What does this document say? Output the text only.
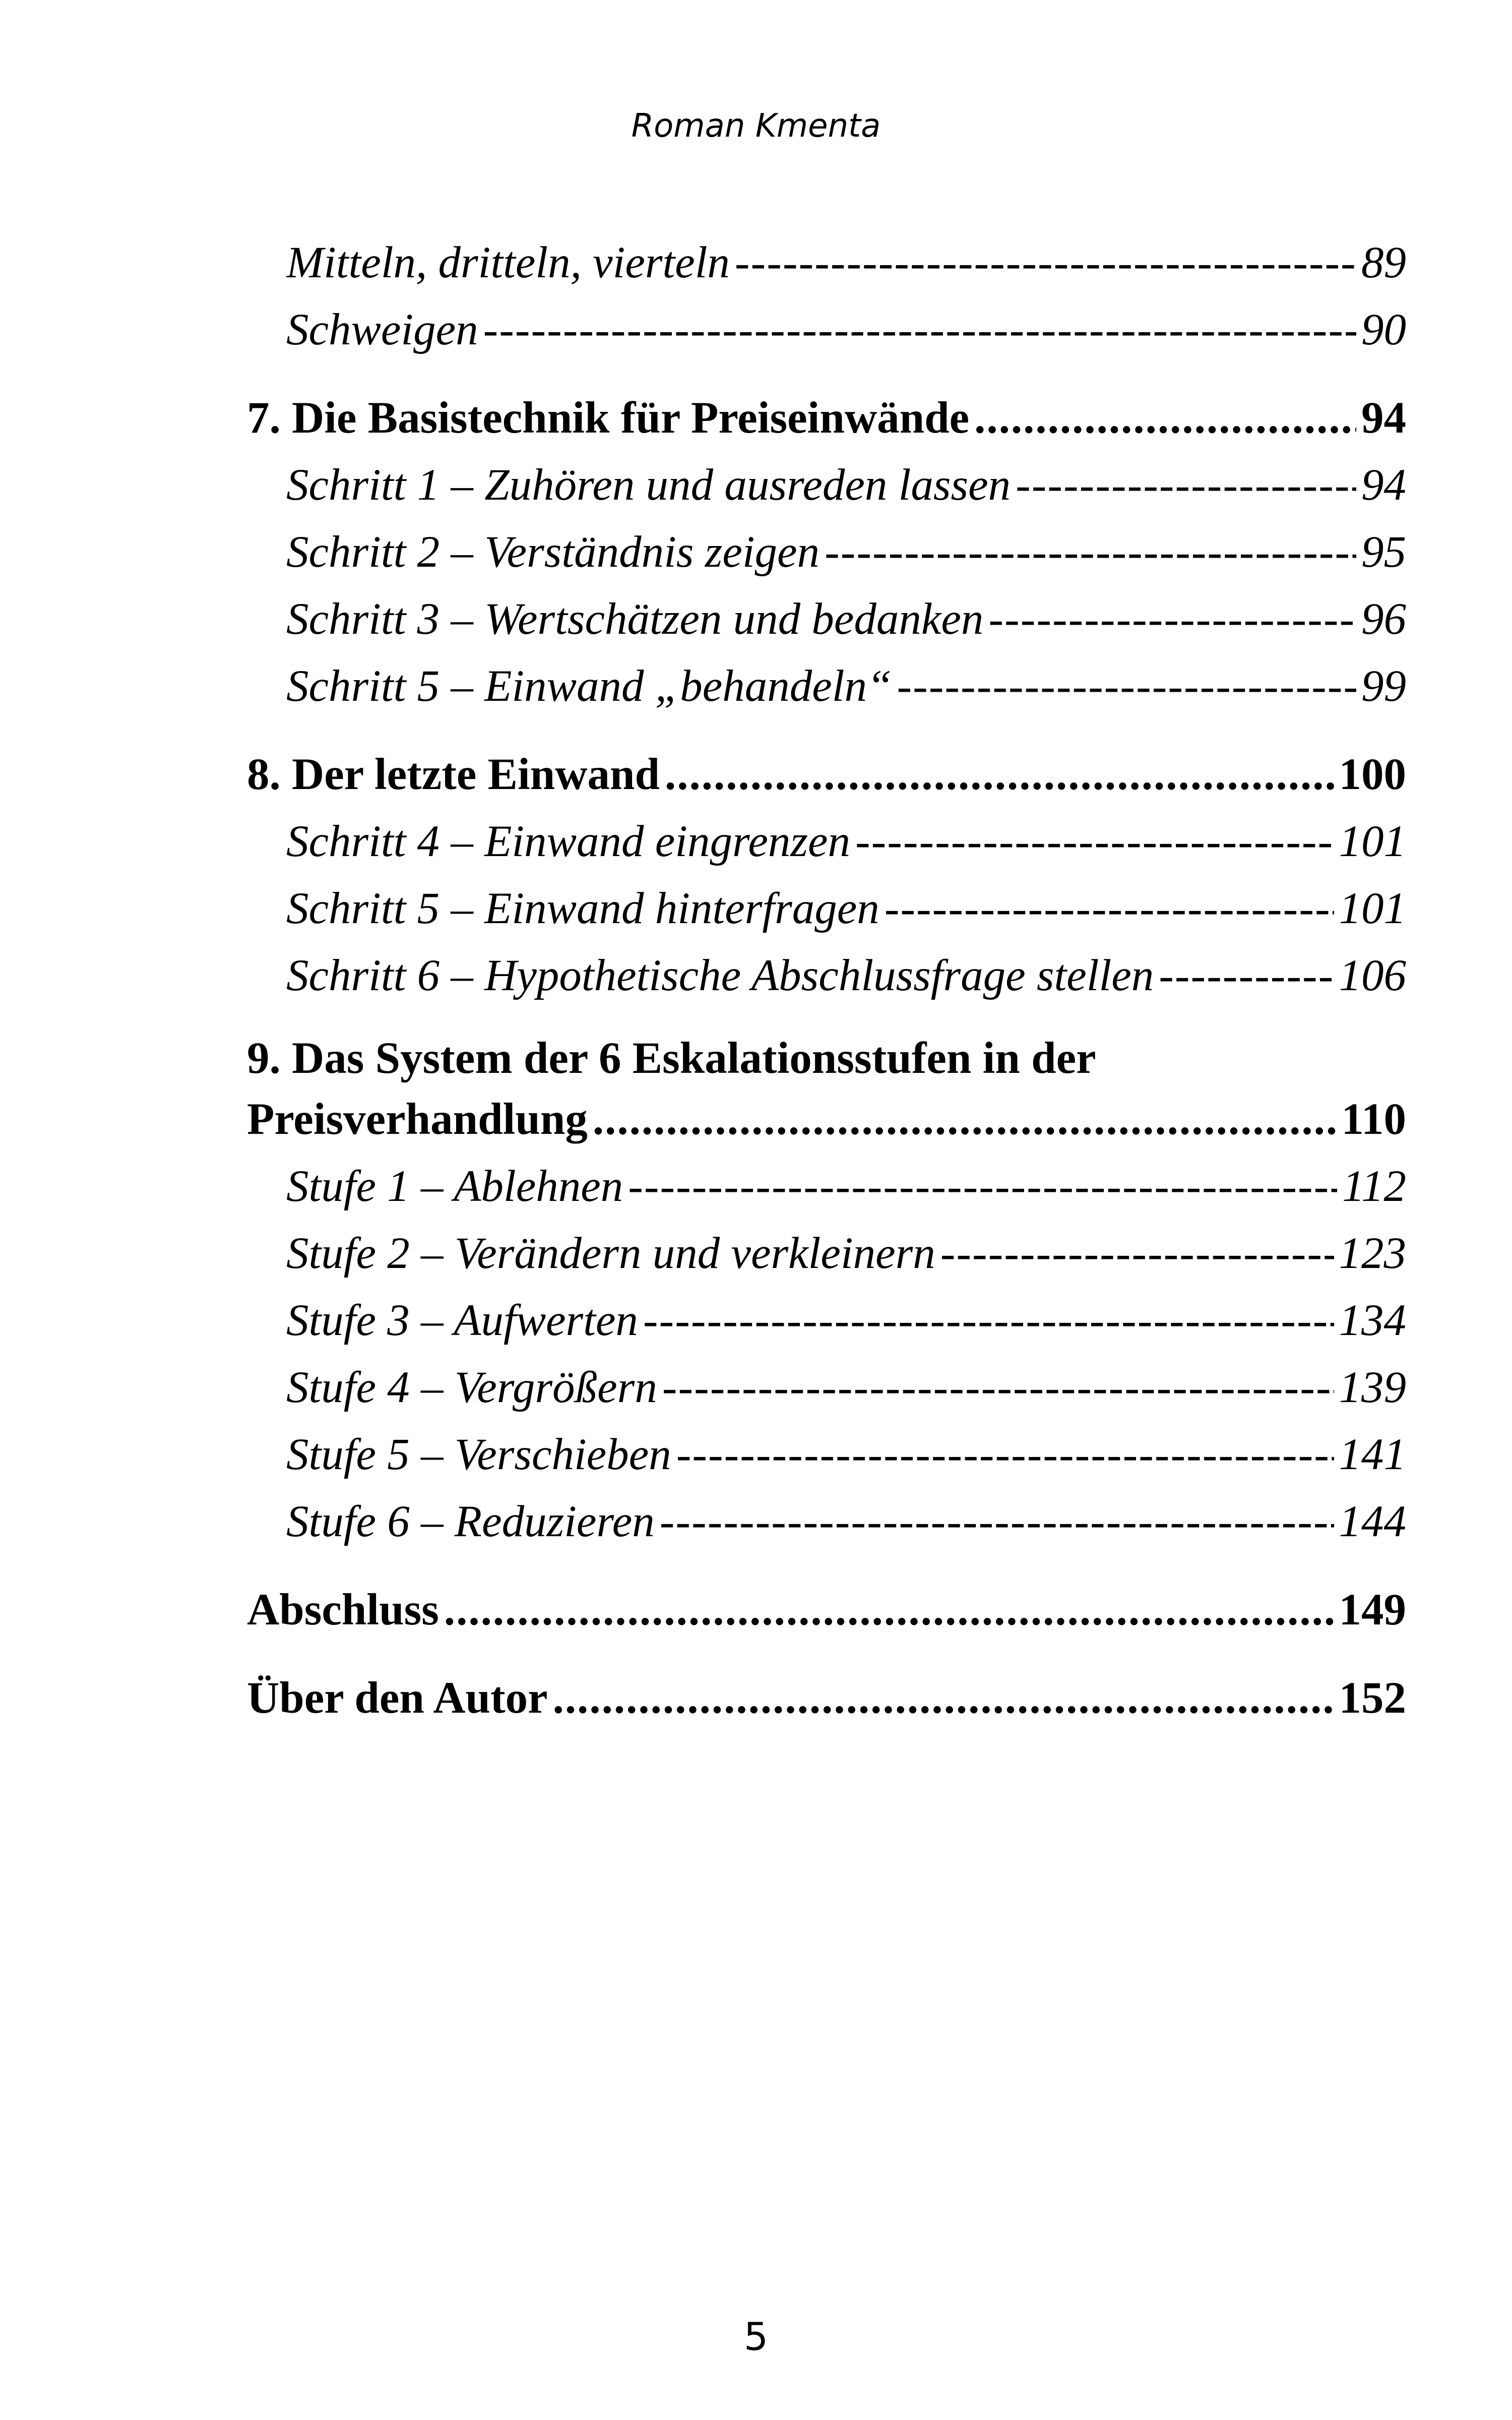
Roman Kmenta
Mitteln, dritteln, vierteln -----	89
Schweigen -----	90
7. Die Basistechnik für Preiseinwände .....	94
Schritt 1 – Zuhören und ausreden lassen -----	94
Schritt 2 – Verständnis zeigen -----	95
Schritt 3 – Wertschätzen und bedanken -----	96
Schritt 5 – Einwand „behandeln“ -----	99
8. Der letzte Einwand .....	100
Schritt 4 – Einwand eingrenzen -----	101
Schritt 5 – Einwand hinterfragen -----	101
Schritt 6 – Hypothetische Abschlussfrage stellen -----	106
9. Das System der 6 Eskalationsstufen in der
Preisverhandlung .....	110
Stufe 1 – Ablehnen -----	112
Stufe 2 – Verändern und verkleinern -----	123
Stufe 3 – Aufwerten -----	134
Stufe 4 – Vergrößern -----	139
Stufe 5 – Verschieben -----	141
Stufe 6 – Reduzieren -----	144
Abschluss .....	149
Über den Autor .....	152
5
